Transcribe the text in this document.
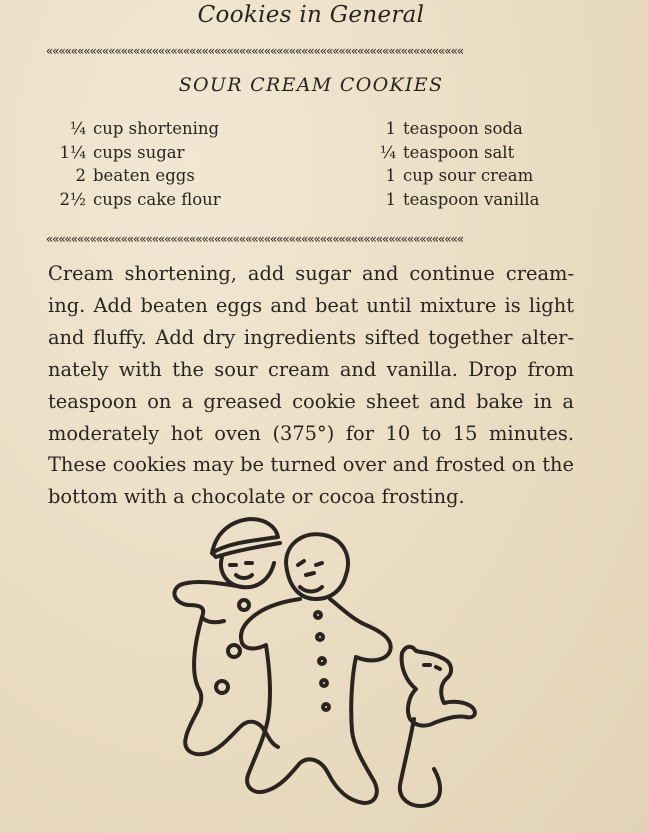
Cookies in General
«««««««««««««««««««««««««««««««««««««««««««««««««««««««««««««««««««
SOUR CREAM COOKIES
¼ cup shortening
1¼ cups sugar
2 beaten eggs
2½ cups cake flour
1 teaspoon soda
¼ teaspoon salt
1 cup sour cream
1 teaspoon vanilla
«««««««««««««««««««««««««««««««««««««««««««««««««««««««««««««««««««
Cream shortening, add sugar and continue creaming. Add beaten eggs and beat until mixture is light and fluffy. Add dry ingredients sifted together alternately with the sour cream and vanilla. Drop from teaspoon on a greased cookie sheet and bake in a moderately hot oven (375°) for 10 to 15 minutes. These cookies may be turned over and frosted on the bottom with a chocolate or cocoa frosting.
